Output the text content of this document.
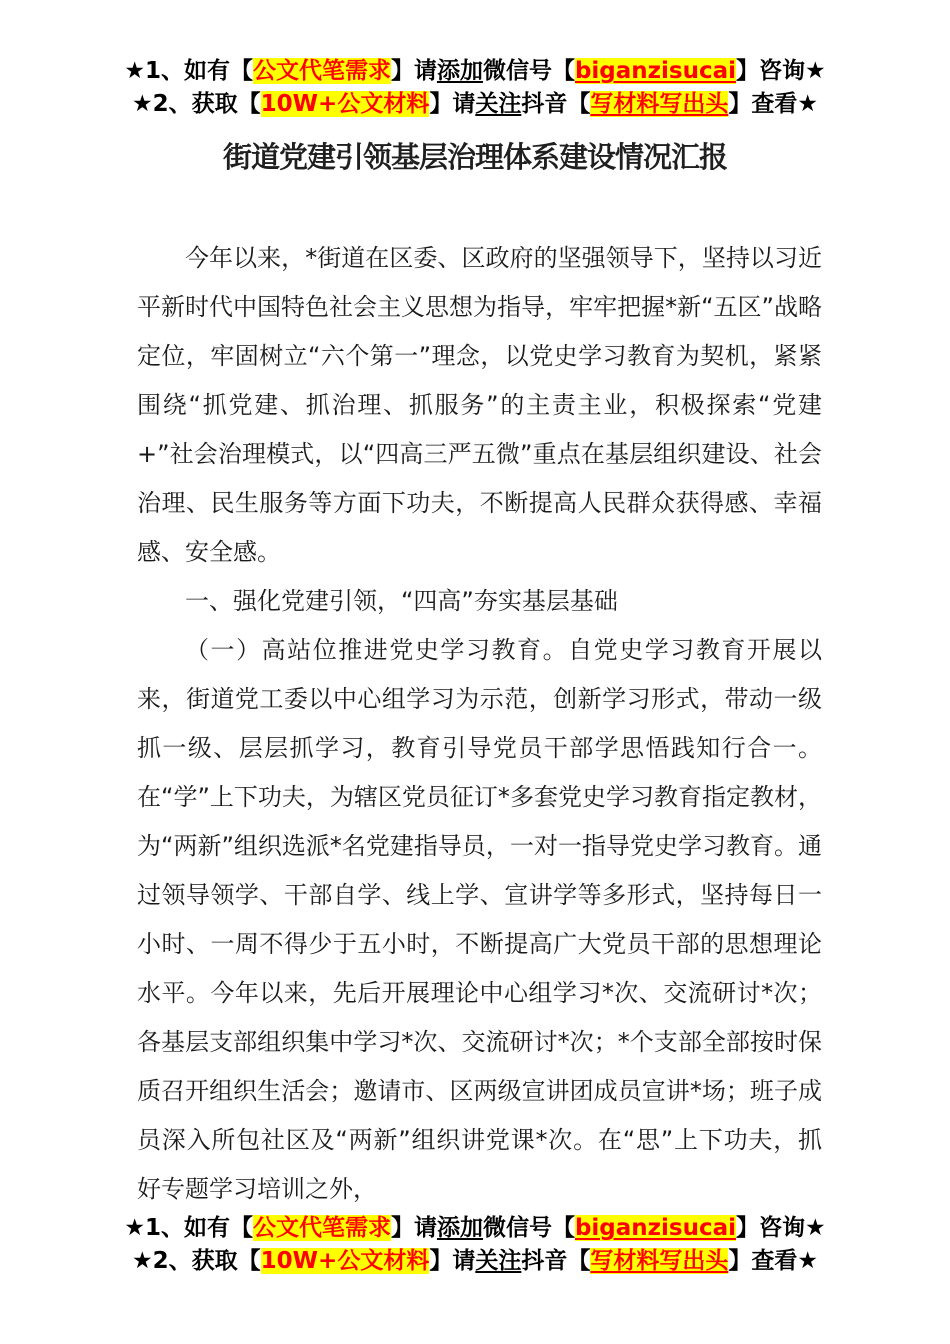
★1、如有【公文代笔需求】请添加微信号【biganzisucai】咨询★
★2、获取【10W+公文材料】请关注抖音【写材料写出头】查看★
街道党建引领基层治理体系建设情况汇报

今年以来，*街道在区委、区政府的坚强领导下，坚持以习近平新时代中国特色社会主义思想为指导，牢牢把握*新“五区”战略定位，牢固树立“六个第一”理念，以党史学习教育为契机，紧紧围绕“抓党建、抓治理、抓服务”的主责主业，积极探索“党建+”社会治理模式，以“四高三严五微”重点在基层组织建设、社会治理、民生服务等方面下功夫，不断提高人民群众获得感、幸福感、安全感。

一、强化党建引领，“四高”夯实基层基础

（一）高站位推进党史学习教育。自党史学习教育开展以来，街道党工委以中心组学习为示范，创新学习形式，带动一级抓一级、层层抓学习，教育引导党员干部学思悟践知行合一。在“学”上下功夫，为辖区党员征订*多套党史学习教育指定教材，为“两新”组织选派*名党建指导员，一对一指导党史学习教育。通过领导领学、干部自学、线上学、宣讲学等多形式，坚持每日一小时、一周不得少于五小时，不断提高广大党员干部的思想理论水平。今年以来，先后开展理论中心组学习*次、交流研讨*次；各基层支部组织集中学习*次、交流研讨*次；*个支部全部按时保质召开组织生活会；邀请市、区两级宣讲团成员宣讲*场；班子成员深入所包社区及“两新”组织讲党课*次。在“思”上下功夫，抓好专题学习培训之外，

★1、如有【公文代笔需求】请添加微信号【biganzisucai】咨询★
★2、获取【10W+公文材料】请关注抖音【写材料写出头】查看★
